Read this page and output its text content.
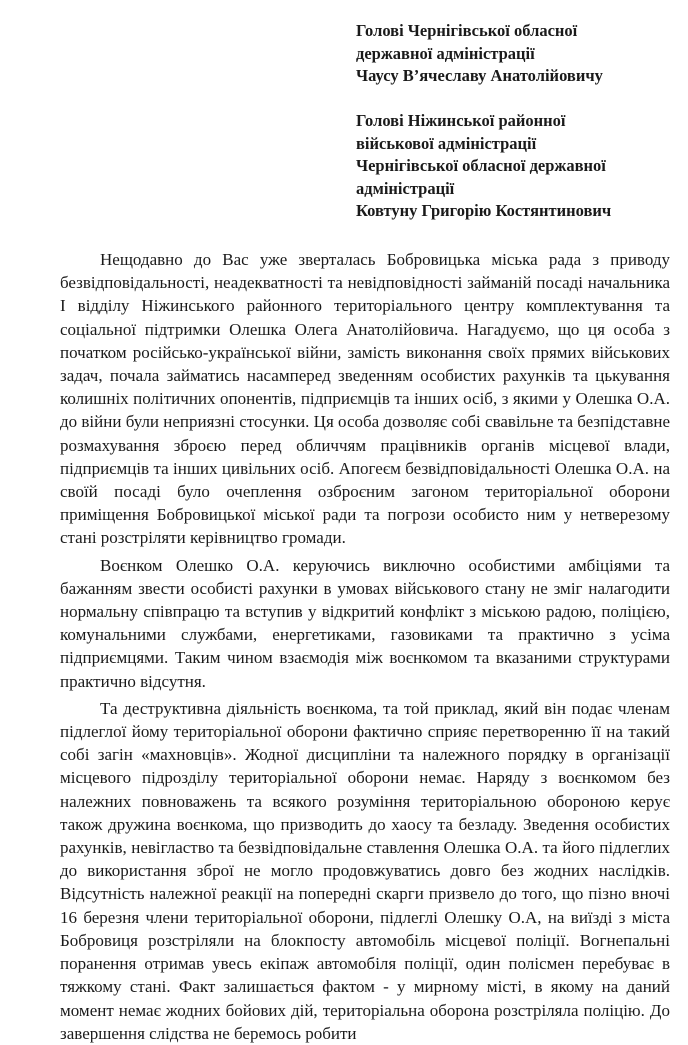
Голові Чернігівської обласної
державної адміністрації
Чаусу В’ячеславу Анатолійовичу
Голові Ніжинської районної
військової адміністрації
Чернігівської обласної державної
адміністрації
Ковтуну Григорію Костянтинович

Нещодавно до Вас уже зверталась Бобровицька міська рада з приводу безвідповідальності, неадекватності та невідповідності займаній посаді начальника І відділу Ніжинського районного територіального центру комплектування та соціальної підтримки Олешка Олега Анатолійовича. Нагадуємо, що ця особа з початком російсько-української війни, замість виконання своїх прямих військових задач, почала займатись насамперед зведенням особистих рахунків та цькування колишніх політичних опонентів, підприємців та інших осіб, з якими у Олешка О.А. до війни були неприязні стосунки. Ця особа дозволяє собі свавільне та безпідставне розмахування зброєю перед обличчям працівників органів місцевої влади, підприємців та інших цивільних осіб. Апогеєм безвідповідальності Олешка О.А. на своїй посаді було очеплення озброєним загоном територіальної оборони приміщення Бобровицької міської ради та погрози особисто ним у нетверезому стані розстріляти керівництво громади.

Воєнком Олешко О.А. керуючись виключно особистими амбіціями та бажанням звести особисті рахунки в умовах військового стану не зміг налагодити нормальну співпрацю та вступив у відкритий конфлікт з міською радою, поліцією, комунальними службами, енергетиками, газовиками та практично з усіма підприємцями. Таким чином взаємодія між воєнкомом та вказаними структурами практично відсутня.

Та деструктивна діяльність воєнкома, та той приклад, який він подає членам підлеглої йому територіальної оборони фактично сприяє перетворенню її на такий собі загін «махновців». Жодної дисципліни та належного порядку в організації місцевого підрозділу територіальної оборони немає. Наряду з воєнкомом без належних повноважень та всякого розуміння територіальною обороною керує також дружина воєнкома, що призводить до хаосу та безладу. Зведення особистих рахунків, невігластво та безвідповідальне ставлення Олешка О.А. та його підлеглих до використання зброї не могло продовжуватись довго без жодних наслідків. Відсутність належної реакції на попередні скарги призвело до того, що пізно вночі 16 березня члени територіальної оборони, підлеглі Олешку О.А, на виїзді з міста Бобровиця розстріляли на блокпосту автомобіль місцевої поліції. Вогнепальні поранення отримав увесь екіпаж автомобіля поліції, один полісмен перебуває в тяжкому стані. Факт залишається фактом - у мирному місті, в якому на даний момент немає жодних бойових дій, територіальна оборона розстріляла поліцію. До завершення слідства не беремось робити
